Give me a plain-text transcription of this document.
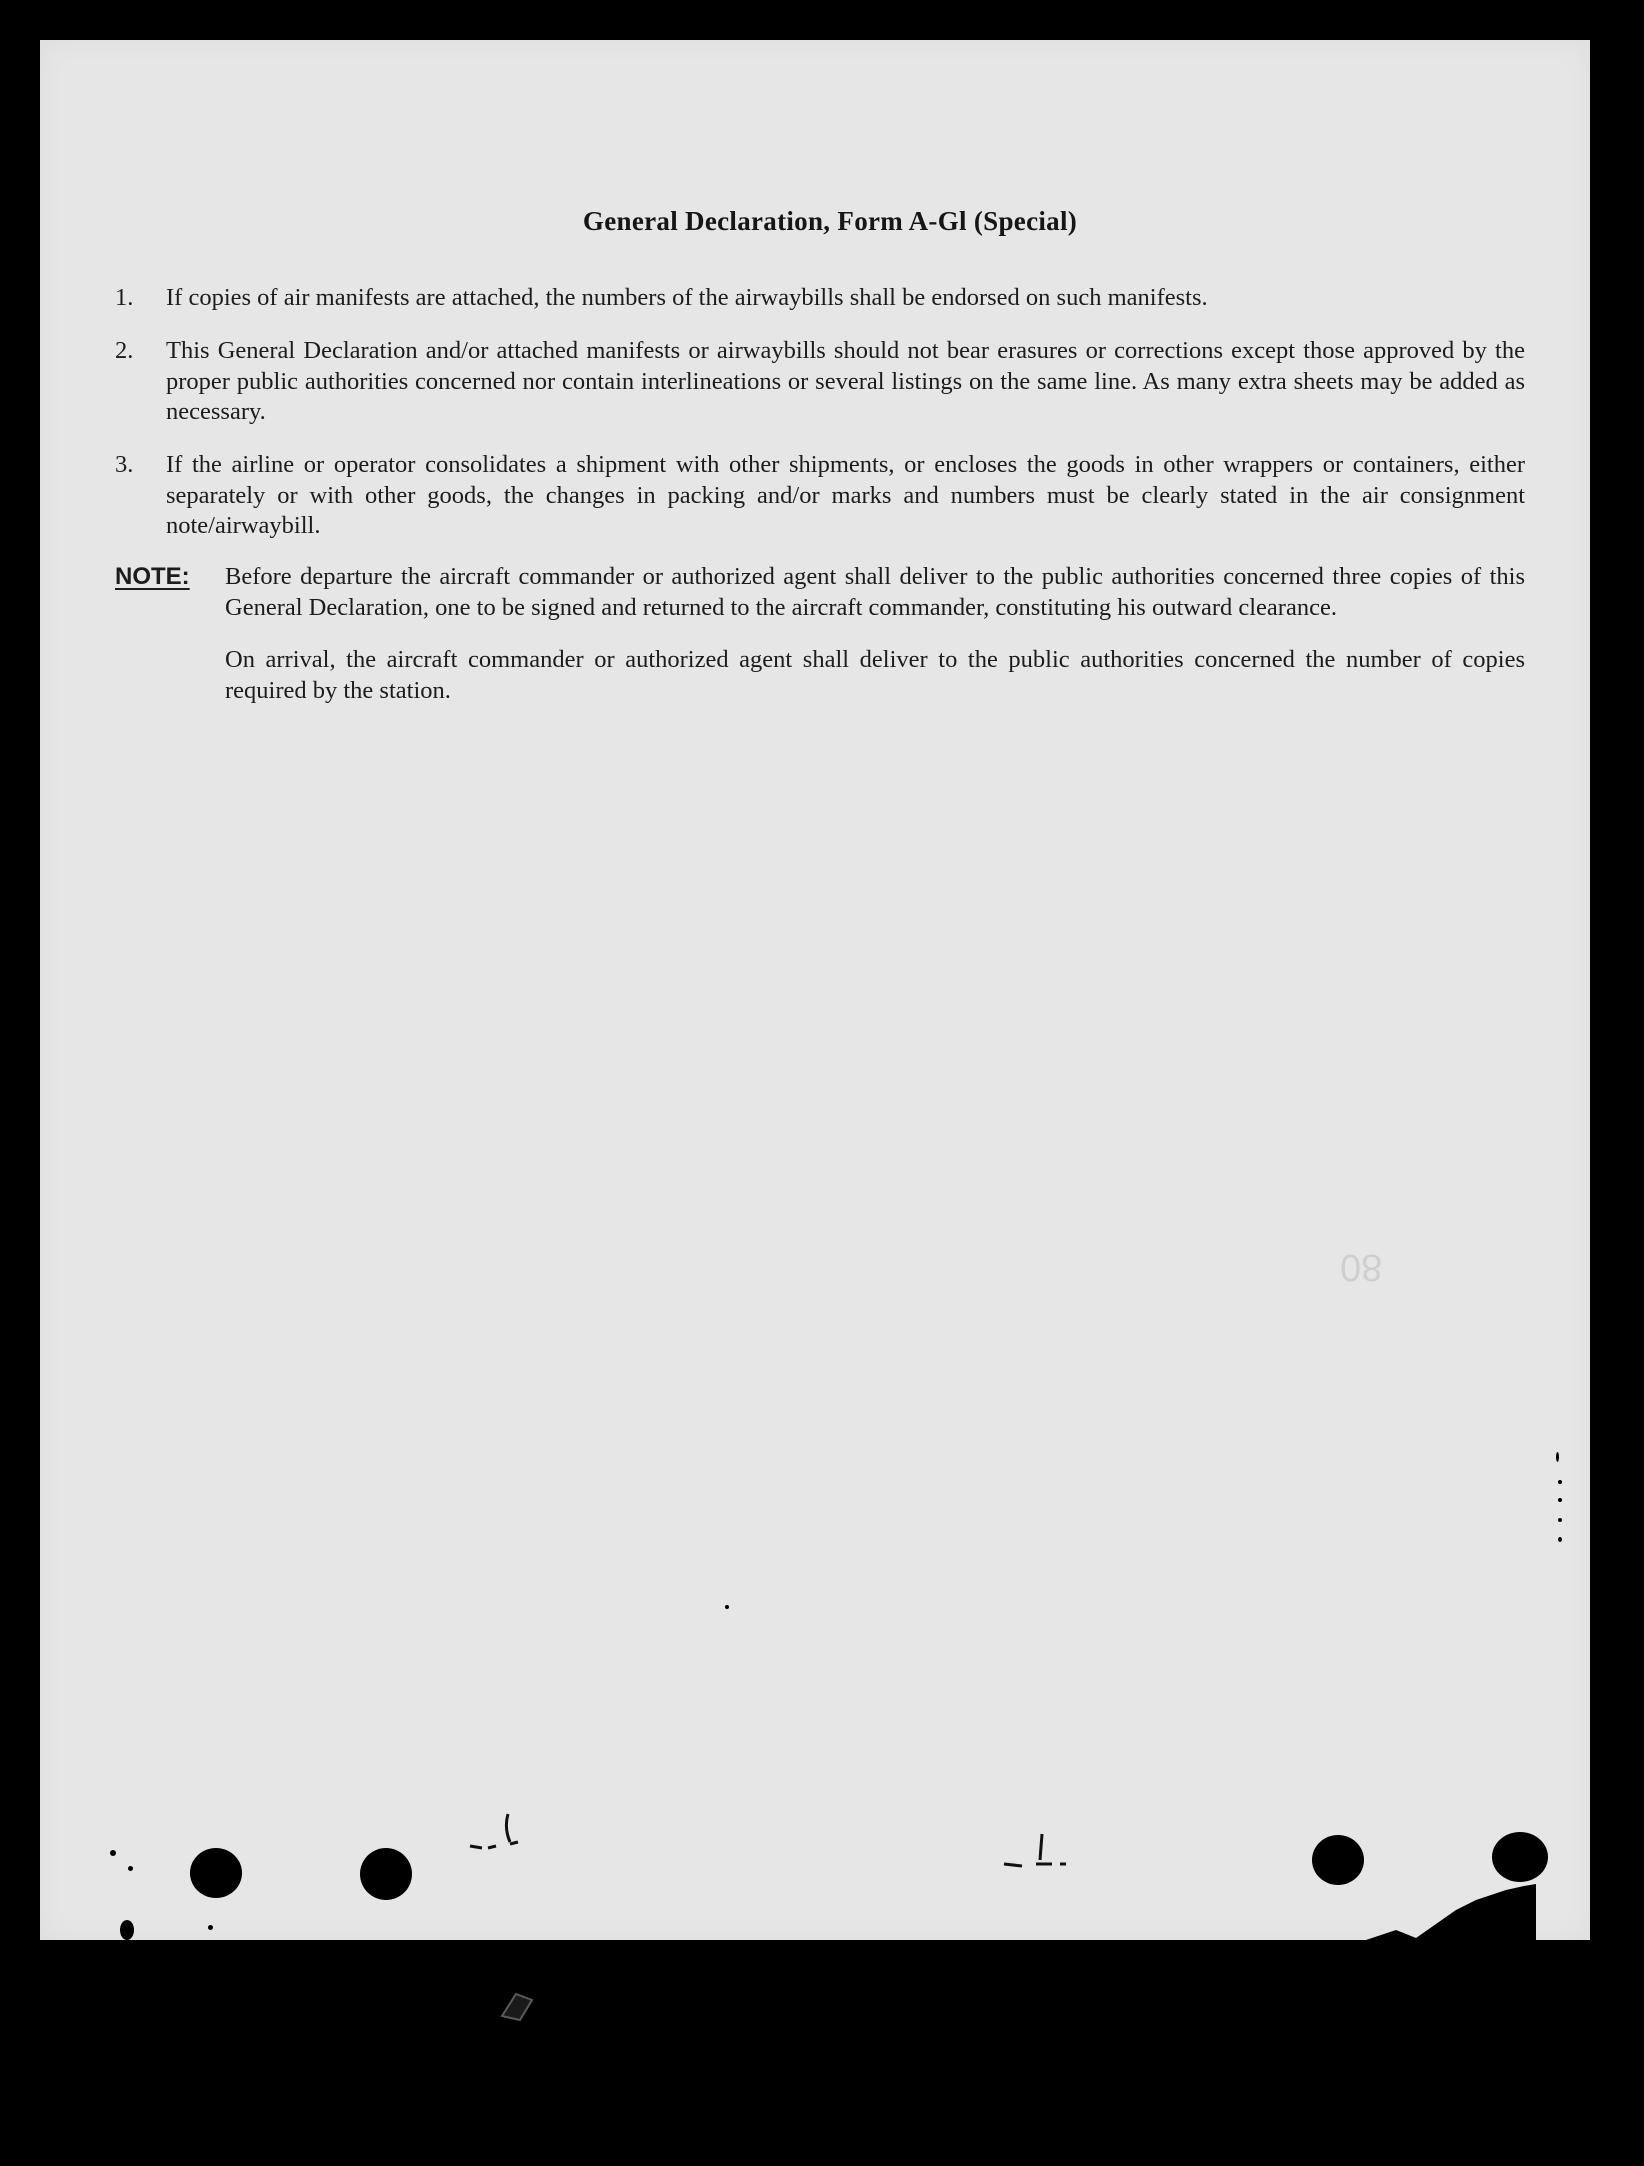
General Declaration, Form A-Gl (Special)
1.	If copies of air manifests are attached, the numbers of the airwaybills shall be endorsed on such manifests.
2.	This General Declaration and/or attached manifests or airwaybills should not bear erasures or corrections except those approved by the proper public authorities concerned nor contain interlineations or several listings on the same line. As many extra sheets may be added as necessary.
3.	If the airline or operator consolidates a shipment with other shipments, or encloses the goods in other wrappers or containers, either separately or with other goods, the changes in packing and/or marks and numbers must be clearly stated in the air consignment note/airwaybill.
NOTE: Before departure the aircraft commander or authorized agent shall deliver to the public authorities concerned three copies of this General Declaration, one to be signed and returned to the aircraft commander, constituting his outward clearance.
On arrival, the aircraft commander or authorized agent shall deliver to the public authorities concerned the number of copies required by the station.
80
